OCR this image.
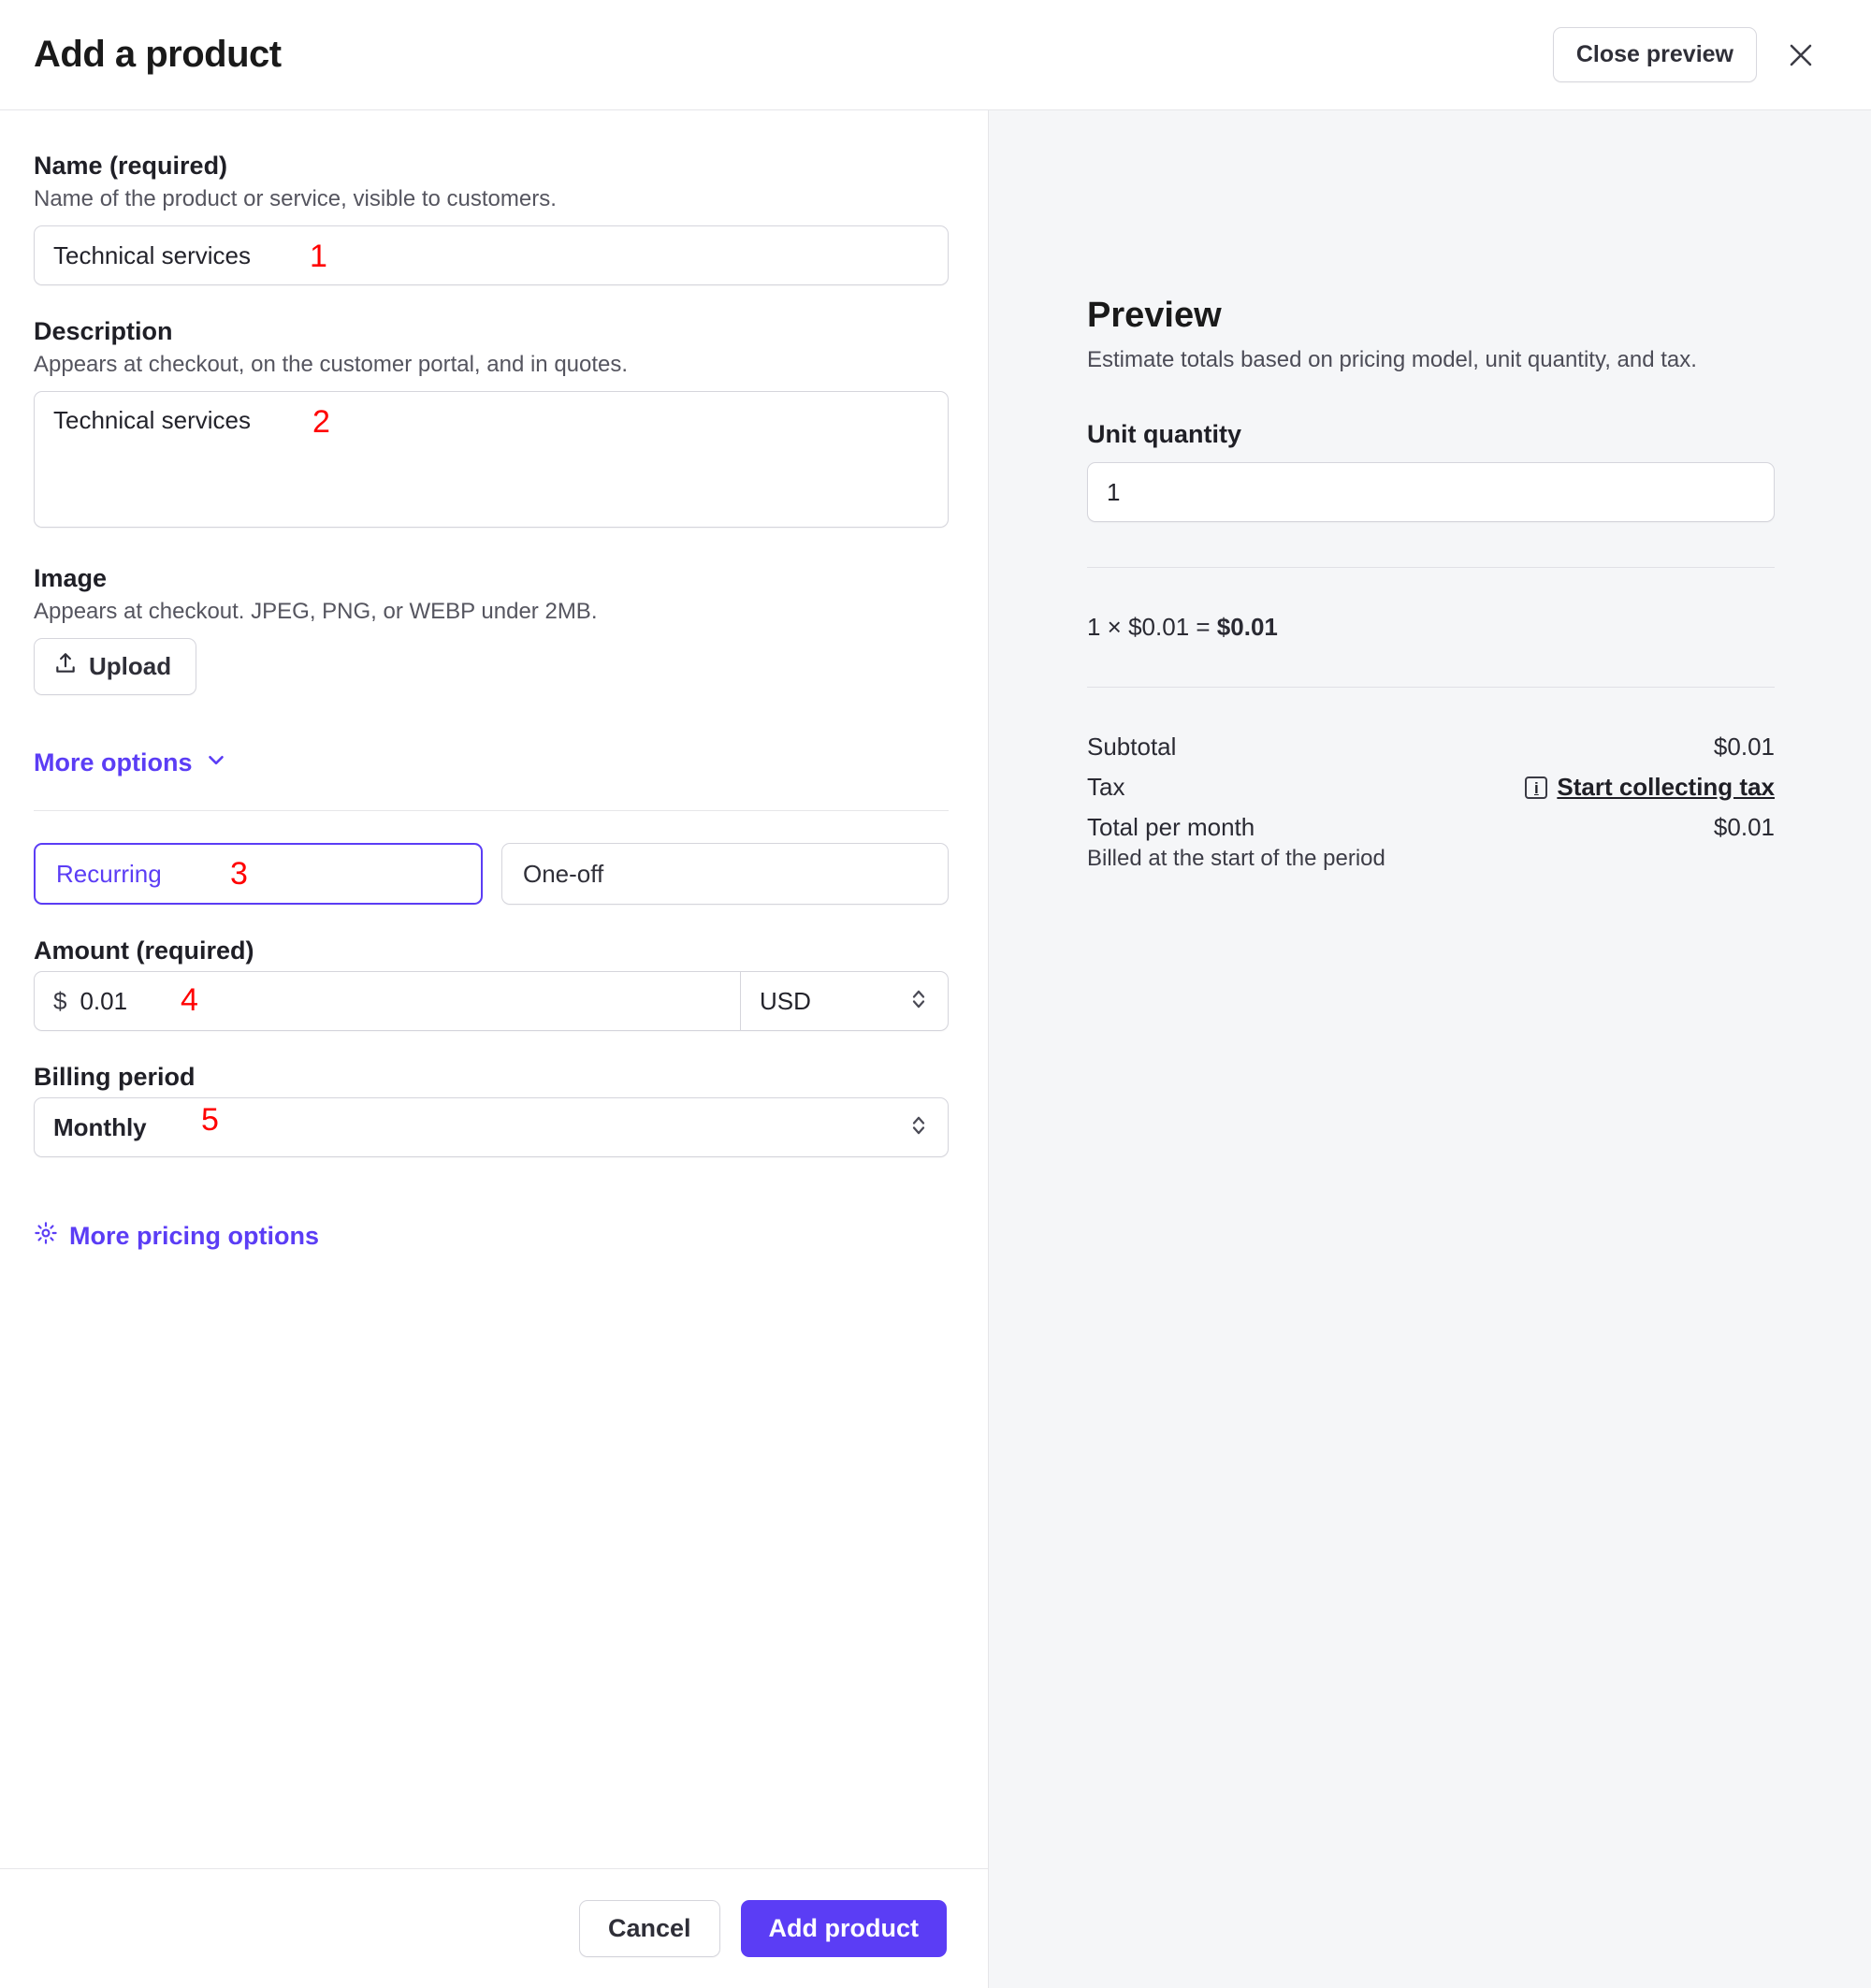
Add a product	Close preview
Name (required)
Name of the product or service, visible to customers.
Technical services
1
Description
Appears at checkout, on the customer portal, and in quotes.
Technical services
2
Image
Appears at checkout. JPEG, PNG, or WEBP under 2MB.
Upload
More options
Recurring 3	One-off
Amount (required)
$ 0.01 4	USD
Billing period
Monthly 5
More pricing options
Cancel	Add product
Preview
Estimate totals based on pricing model, unit quantity, and tax.
Unit quantity
1
1 × $0.01 = $0.01
Subtotal	$0.01
Tax	i Start collecting tax
Total per month	$0.01
Billed at the start of the period
